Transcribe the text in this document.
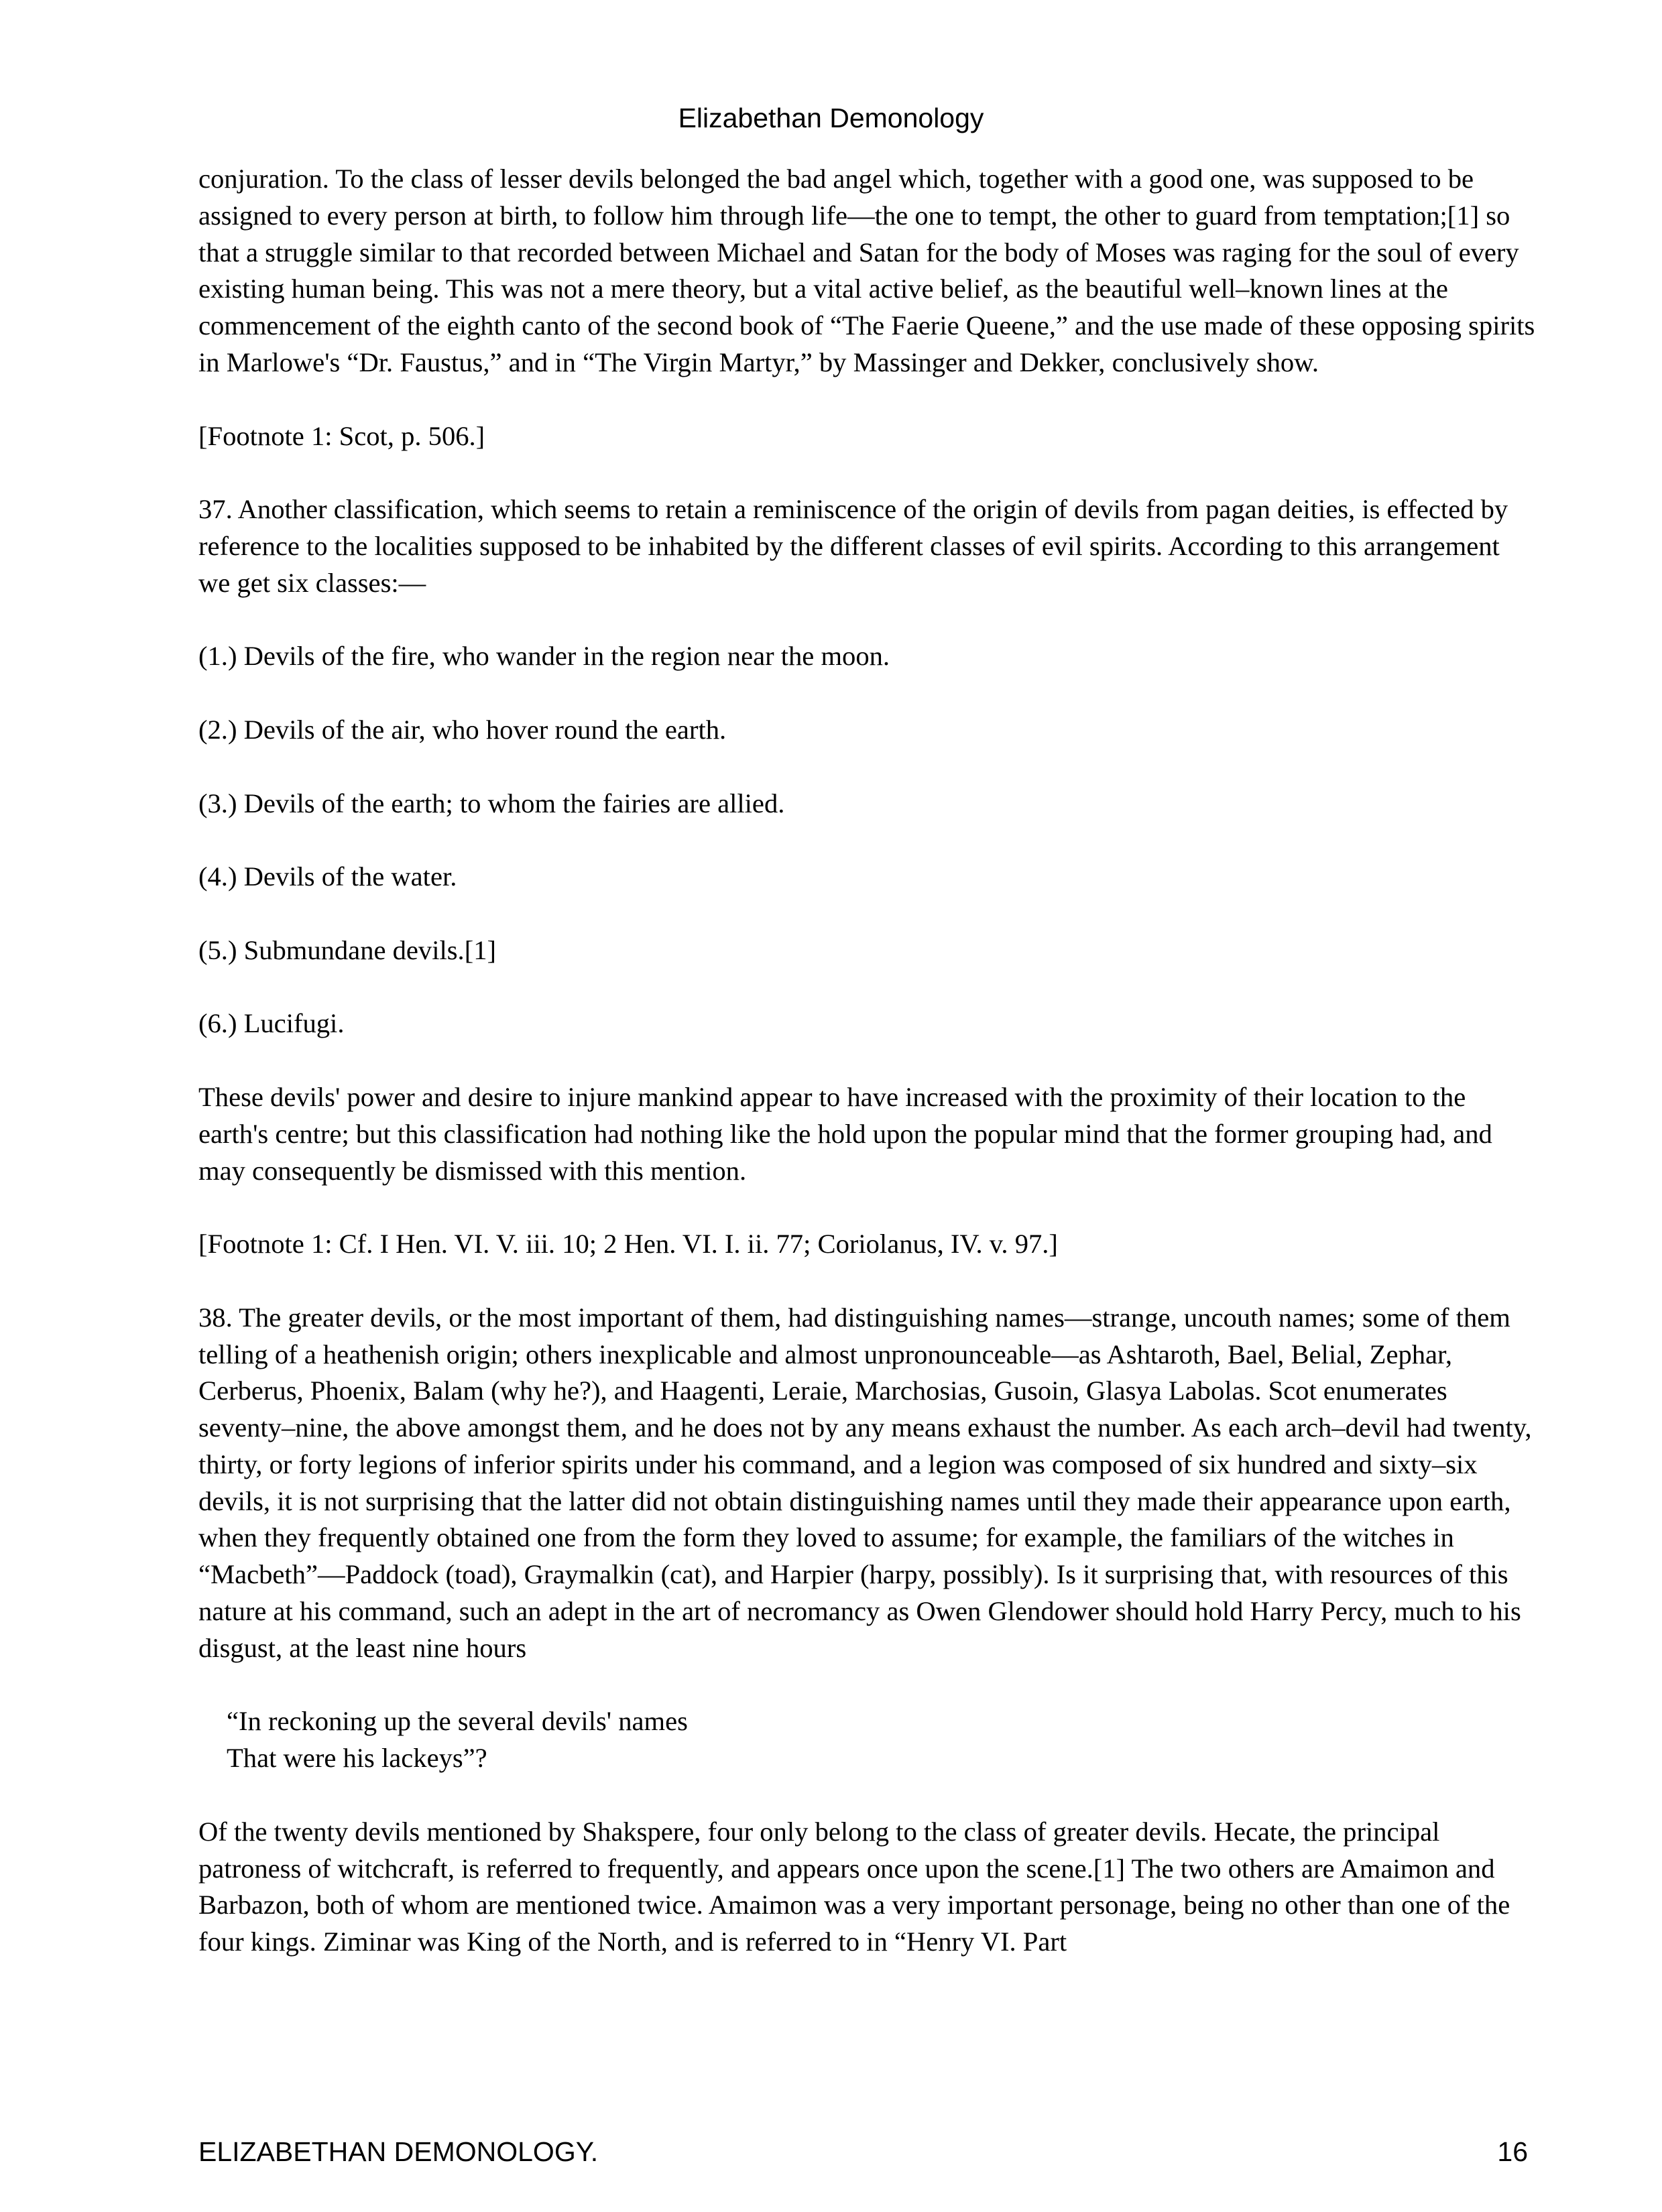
Elizabethan Demonology

conjuration. To the class of lesser devils belonged the bad angel which, together with a good one, was supposed to be assigned to every person at birth, to follow him through life—the one to tempt, the other to guard from temptation;[1] so that a struggle similar to that recorded between Michael and Satan for the body of Moses was raging for the soul of every existing human being. This was not a mere theory, but a vital active belief, as the beautiful well–known lines at the commencement of the eighth canto of the second book of “The Faerie Queene,” and the use made of these opposing spirits in Marlowe's “Dr. Faustus,” and in “The Virgin Martyr,” by Massinger and Dekker, conclusively show.

[Footnote 1: Scot, p. 506.]

37. Another classification, which seems to retain a reminiscence of the origin of devils from pagan deities, is effected by reference to the localities supposed to be inhabited by the different classes of evil spirits. According to this arrangement we get six classes:—

(1.) Devils of the fire, who wander in the region near the moon.

(2.) Devils of the air, who hover round the earth.

(3.) Devils of the earth; to whom the fairies are allied.

(4.) Devils of the water.

(5.) Submundane devils.[1]

(6.) Lucifugi.

These devils' power and desire to injure mankind appear to have increased with the proximity of their location to the earth's centre; but this classification had nothing like the hold upon the popular mind that the former grouping had, and may consequently be dismissed with this mention.

[Footnote 1: Cf. I Hen. VI. V. iii. 10; 2 Hen. VI. I. ii. 77; Coriolanus, IV. v. 97.]

38. The greater devils, or the most important of them, had distinguishing names—strange, uncouth names; some of them telling of a heathenish origin; others inexplicable and almost unpronounceable—as Ashtaroth, Bael, Belial, Zephar, Cerberus, Phoenix, Balam (why he?), and Haagenti, Leraie, Marchosias, Gusoin, Glasya Labolas. Scot enumerates seventy–nine, the above amongst them, and he does not by any means exhaust the number. As each arch–devil had twenty, thirty, or forty legions of inferior spirits under his command, and a legion was composed of six hundred and sixty–six devils, it is not surprising that the latter did not obtain distinguishing names until they made their appearance upon earth, when they frequently obtained one from the form they loved to assume; for example, the familiars of the witches in “Macbeth”—Paddock (toad), Graymalkin (cat), and Harpier (harpy, possibly). Is it surprising that, with resources of this nature at his command, such an adept in the art of necromancy as Owen Glendower should hold Harry Percy, much to his disgust, at the least nine hours

“In reckoning up the several devils' names
That were his lackeys”?

Of the twenty devils mentioned by Shakspere, four only belong to the class of greater devils. Hecate, the principal patroness of witchcraft, is referred to frequently, and appears once upon the scene.[1] The two others are Amaimon and Barbazon, both of whom are mentioned twice. Amaimon was a very important personage, being no other than one of the four kings. Ziminar was King of the North, and is referred to in “Henry VI. Part

ELIZABETHAN DEMONOLOGY.	16
